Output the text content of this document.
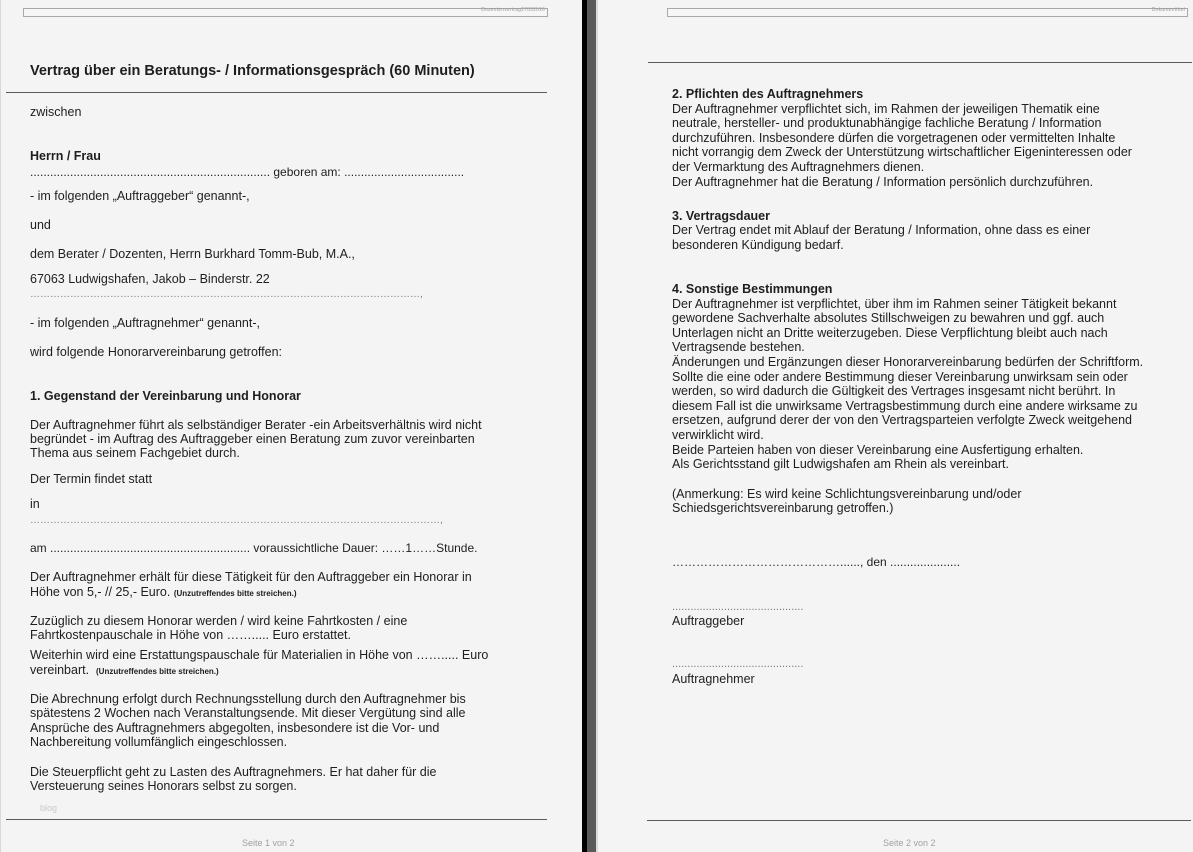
Dozentenvertrag27032016
Vertrag über ein Beratungs- / Informationsgespräch (60 Minuten)
zwischen
Herrn / Frau
........................................................................ geboren am: ....................................
- im folgenden „Auftraggeber“ genannt-,
und
dem Berater / Dozenten, Herrn Burkhard Tomm-Bub, M.A.,
67063 Ludwigshafen, Jakob – Binderstr. 22
………………………………………………………………………………………………………,
- im folgenden „Auftragnehmer“ genannt-,
wird folgende Honorarvereinbarung getroffen:
1. Gegenstand der Vereinbarung und Honorar
Der Auftragnehmer führt als selbständiger Berater -ein Arbeitsverhältnis wird nicht
begründet - im Auftrag des Auftraggeber einen Beratung zum zuvor vereinbarten
Thema aus seinem Fachgebiet durch.
Der Termin findet statt
in
……………………………………………………………………………………………………………,
am ............................................................ voraussichtliche Dauer: ……1……Stunde.
Der Auftragnehmer erhält für diese Tätigkeit für den Auftraggeber ein Honorar in
Höhe von 5,- // 25,- Euro. (Unzutreffendes bitte streichen.)
Zuzüglich zu diesem Honorar werden / wird keine Fahrtkosten / eine
Fahrtkostenpauschale in Höhe von ……..... Euro erstattet.
Weiterhin wird eine Erstattungspauschale für Materialien in Höhe von ……..... Euro
vereinbart. (Unzutreffendes bitte streichen.)
Die Abrechnung erfolgt durch Rechnungsstellung durch den Auftragnehmer bis
spätestens 2 Wochen nach Veranstaltungsende. Mit dieser Vergütung sind alle
Ansprüche des Auftragnehmers abgegolten, insbesondere ist die Vor- und
Nachbereitung vollumfänglich eingeschlossen.
Die Steuerpflicht geht zu Lasten des Auftragnehmers. Er hat daher für die
Versteuerung seines Honorars selbst zu sorgen.
blog
Seite 1 von 2
Dokumenttitel
2. Pflichten des Auftragnehmers
Der Auftragnehmer verpflichtet sich, im Rahmen der jeweiligen Thematik eine
neutrale, hersteller- und produktunabhängige fachliche Beratung / Information
durchzuführen. Insbesondere dürfen die vorgetragenen oder vermittelten Inhalte
nicht vorrangig dem Zweck der Unterstützung wirtschaftlicher Eigeninteressen oder
der Vermarktung des Auftragnehmers dienen.
Der Auftragnehmer hat die Beratung / Information persönlich durchzuführen.
3. Vertragsdauer
Der Vertrag endet mit Ablauf der Beratung / Information, ohne dass es einer
besonderen Kündigung bedarf.
4. Sonstige Bestimmungen
Der Auftragnehmer ist verpflichtet, über ihm im Rahmen seiner Tätigkeit bekannt
gewordene Sachverhalte absolutes Stillschweigen zu bewahren und ggf. auch
Unterlagen nicht an Dritte weiterzugeben. Diese Verpflichtung bleibt auch nach
Vertragsende bestehen.
Änderungen und Ergänzungen dieser Honorarvereinbarung bedürfen der Schriftform.
Sollte die eine oder andere Bestimmung dieser Vereinbarung unwirksam sein oder
werden, so wird dadurch die Gültigkeit des Vertrages insgesamt nicht berührt. In
diesem Fall ist die unwirksame Vertragsbestimmung durch eine andere wirksame zu
ersetzen, aufgrund derer der von den Vertragsparteien verfolgte Zweck weitgehend
verwirklicht wird.
Beide Parteien haben von dieser Vereinbarung eine Ausfertigung erhalten.
Als Gerichtsstand gilt Ludwigshafen am Rhein als vereinbart.
(Anmerkung: Es wird keine Schlichtungsvereinbarung und/oder
Schiedsgerichtsvereinbarung getroffen.)
……………………………………......, den .....................
...........................................
Auftraggeber
...........................................
Auftragnehmer
Seite 2 von 2
